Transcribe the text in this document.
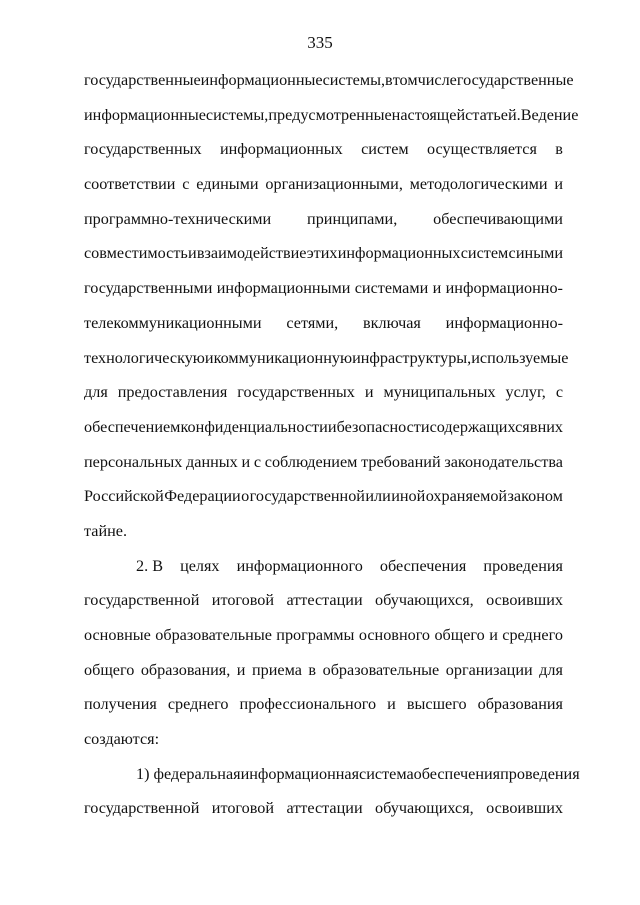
335
государственные информационные системы, в том числе государственные
информационные системы, предусмотренные настоящей статьей. Ведение
государственных информационных систем осуществляется в
соответствии с едиными организационными, методологическими и
программно-техническими принципами, обеспечивающими
совместимость и взаимодействие этих информационных систем с иными
государственными информационными системами и информационно-
телекоммуникационными сетями, включая информационно-
технологическую и коммуникационную инфраструктуры, используемые
для предоставления государственных и муниципальных услуг, с
обеспечением конфиденциальности и безопасности содержащихся в них
персональных данных и с соблюдением требований законодательства
Российской Федерации о государственной или иной охраняемой законом
тайне.
2. В целях информационного обеспечения проведения
государственной итоговой аттестации обучающихся, освоивших
основные образовательные программы основного общего и среднего
общего образования, и приема в образовательные организации для
получения среднего профессионального и высшего образования
создаются:
1) федеральная информационная система обеспечения проведения
государственной итоговой аттестации обучающихся, освоивших
